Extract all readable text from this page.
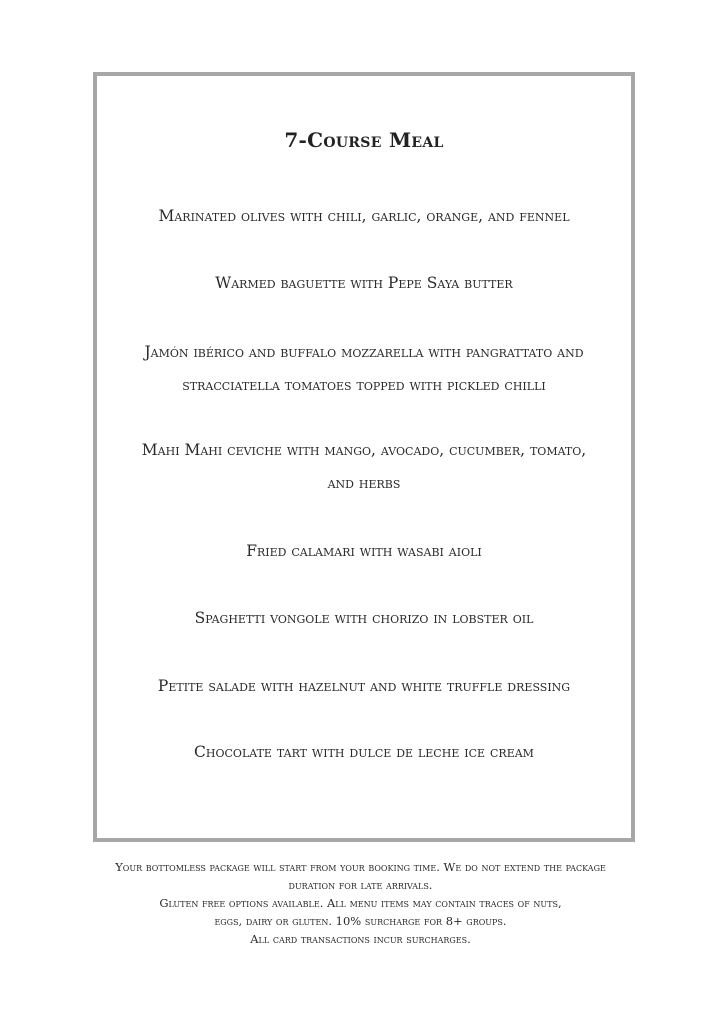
7-Course Meal
Marinated olives with chili, garlic, orange, and fennel
Warmed baguette with Pepe Saya butter
Jamón ibérico and buffalo mozzarella with pangrattato and
stracciatella tomatoes topped with pickled chilli
Mahi Mahi ceviche with mango, avocado, cucumber, tomato,
and herbs
Fried calamari with wasabi aioli
Spaghetti vongole with chorizo in lobster oil
Petite salade with hazelnut and white truffle dressing
Chocolate tart with dulce de leche ice cream
Your bottomless package will start from your booking time. We do not extend the package
duration for late arrivals.
Gluten free options available. All menu items may contain traces of nuts,
eggs, dairy or gluten. 10% surcharge for 8+ groups.
All card transactions incur surcharges.
